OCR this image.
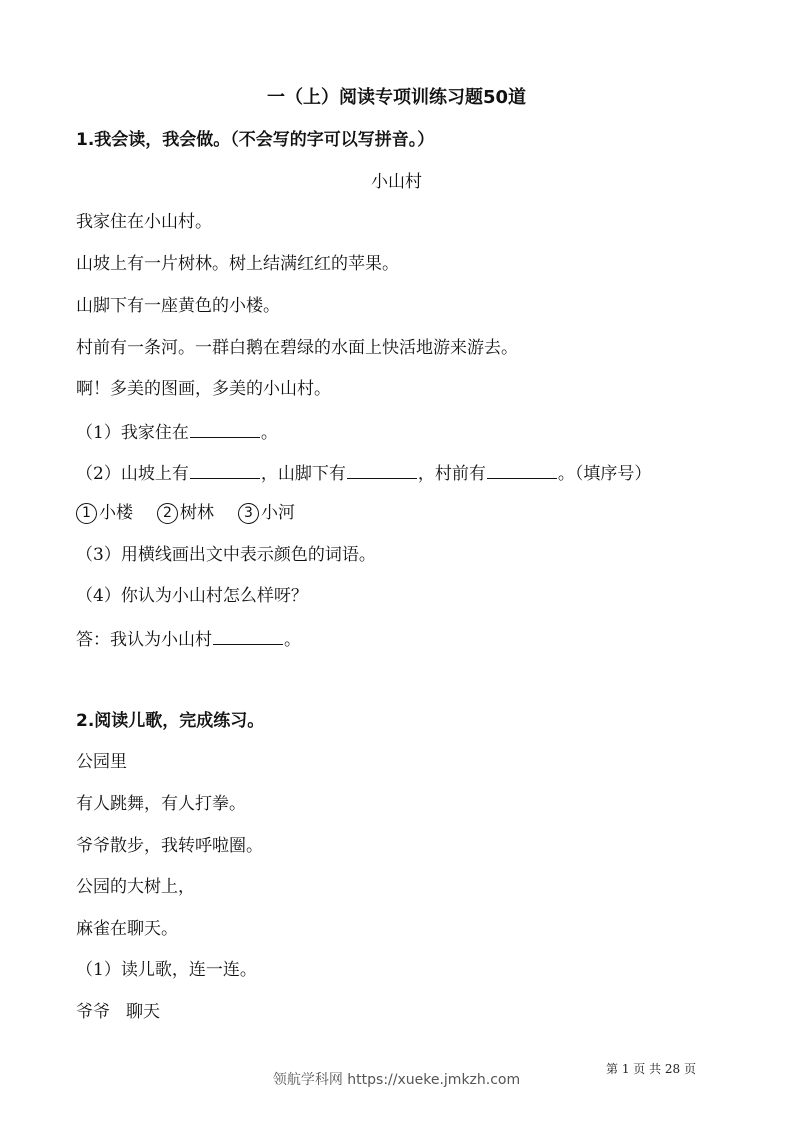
一（上）阅读专项训练习题50道
1.我会读，我会做。（不会写的字可以写拼音。）
小山村
我家住在小山村。
山坡上有一片树林。树上结满红红的苹果。
山脚下有一座黄色的小楼。
村前有一条河。一群白鹅在碧绿的水面上快活地游来游去。
啊！多美的图画，多美的小山村。
（1）我家住在	。
（2）山坡上有	，山脚下有	，村前有	。（填序号）
1 小楼 2 树林 3 小河
（3）用横线画出文中表示颜色的词语。
（4）你认为小山村怎么样呀？
答：我认为小山村	。
2.阅读儿歌，完成练习。
公园里
有人跳舞，有人打拳。
爷爷散步，我转呼啦圈。
公园的大树上，
麻雀在聊天。
（1）读儿歌，连一连。
爷爷 聊天
第 1 页 共 28 页
领航学科网 https://xueke.jmkzh.com
